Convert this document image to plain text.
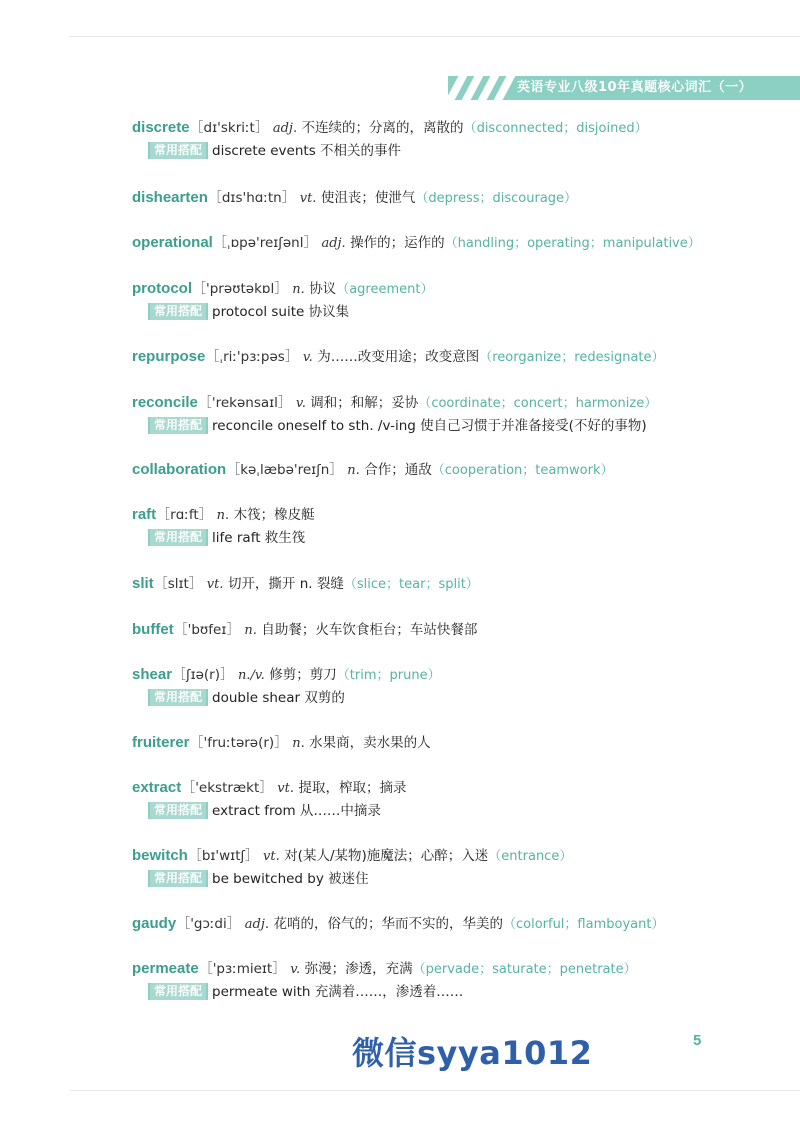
英语专业八级10年真题核心词汇（一）
discrete［dɪ'skriːt］ adj. 不连续的；分离的，离散的（disconnected；disjoined）
常用搭配 discrete events 不相关的事件
dishearten［dɪs'hɑːtn］ vt. 使沮丧；使泄气（depress；discourage）
operational［ˌɒpə'reɪʃənl］ adj. 操作的；运作的（handling；operating；manipulative）
protocol［'prəʊtəkɒl］ n. 协议（agreement）
常用搭配 protocol suite 协议集
repurpose［ˌriː'pɜːpəs］ v. 为……改变用途；改变意图（reorganize；redesignate）
reconcile［'rekənsaɪl］ v. 调和；和解；妥协（coordinate；concert；harmonize）
常用搭配 reconcile oneself to sth. /v-ing 使自己习惯于并准备接受(不好的事物)
collaboration［kəˌlæbə'reɪʃn］ n. 合作；通敌（cooperation；teamwork）
raft［rɑːft］ n. 木筏；橡皮艇
常用搭配 life raft 救生筏
slit［slɪt］ vt. 切开，撕开 n. 裂缝（slice；tear；split）
buffet［'bʊfeɪ］ n. 自助餐；火车饮食柜台；车站快餐部
shear［ʃɪə(r)］ n./v. 修剪；剪刀（trim；prune）
常用搭配 double shear 双剪的
fruiterer［'fruːtərə(r)］ n. 水果商，卖水果的人
extract［'ekstrækt］ vt. 提取，榨取；摘录
常用搭配 extract from 从……中摘录
bewitch［bɪ'wɪtʃ］ vt. 对(某人/某物)施魔法；心醉；入迷（entrance）
常用搭配 be bewitched by 被迷住
gaudy［'gɔːdi］ adj. 花哨的，俗气的；华而不实的，华美的（colorful；flamboyant）
permeate［'pɜːmieɪt］ v. 弥漫；渗透，充满（pervade；saturate；penetrate）
常用搭配 permeate with 充满着……，渗透着……
微信syya1012	5
